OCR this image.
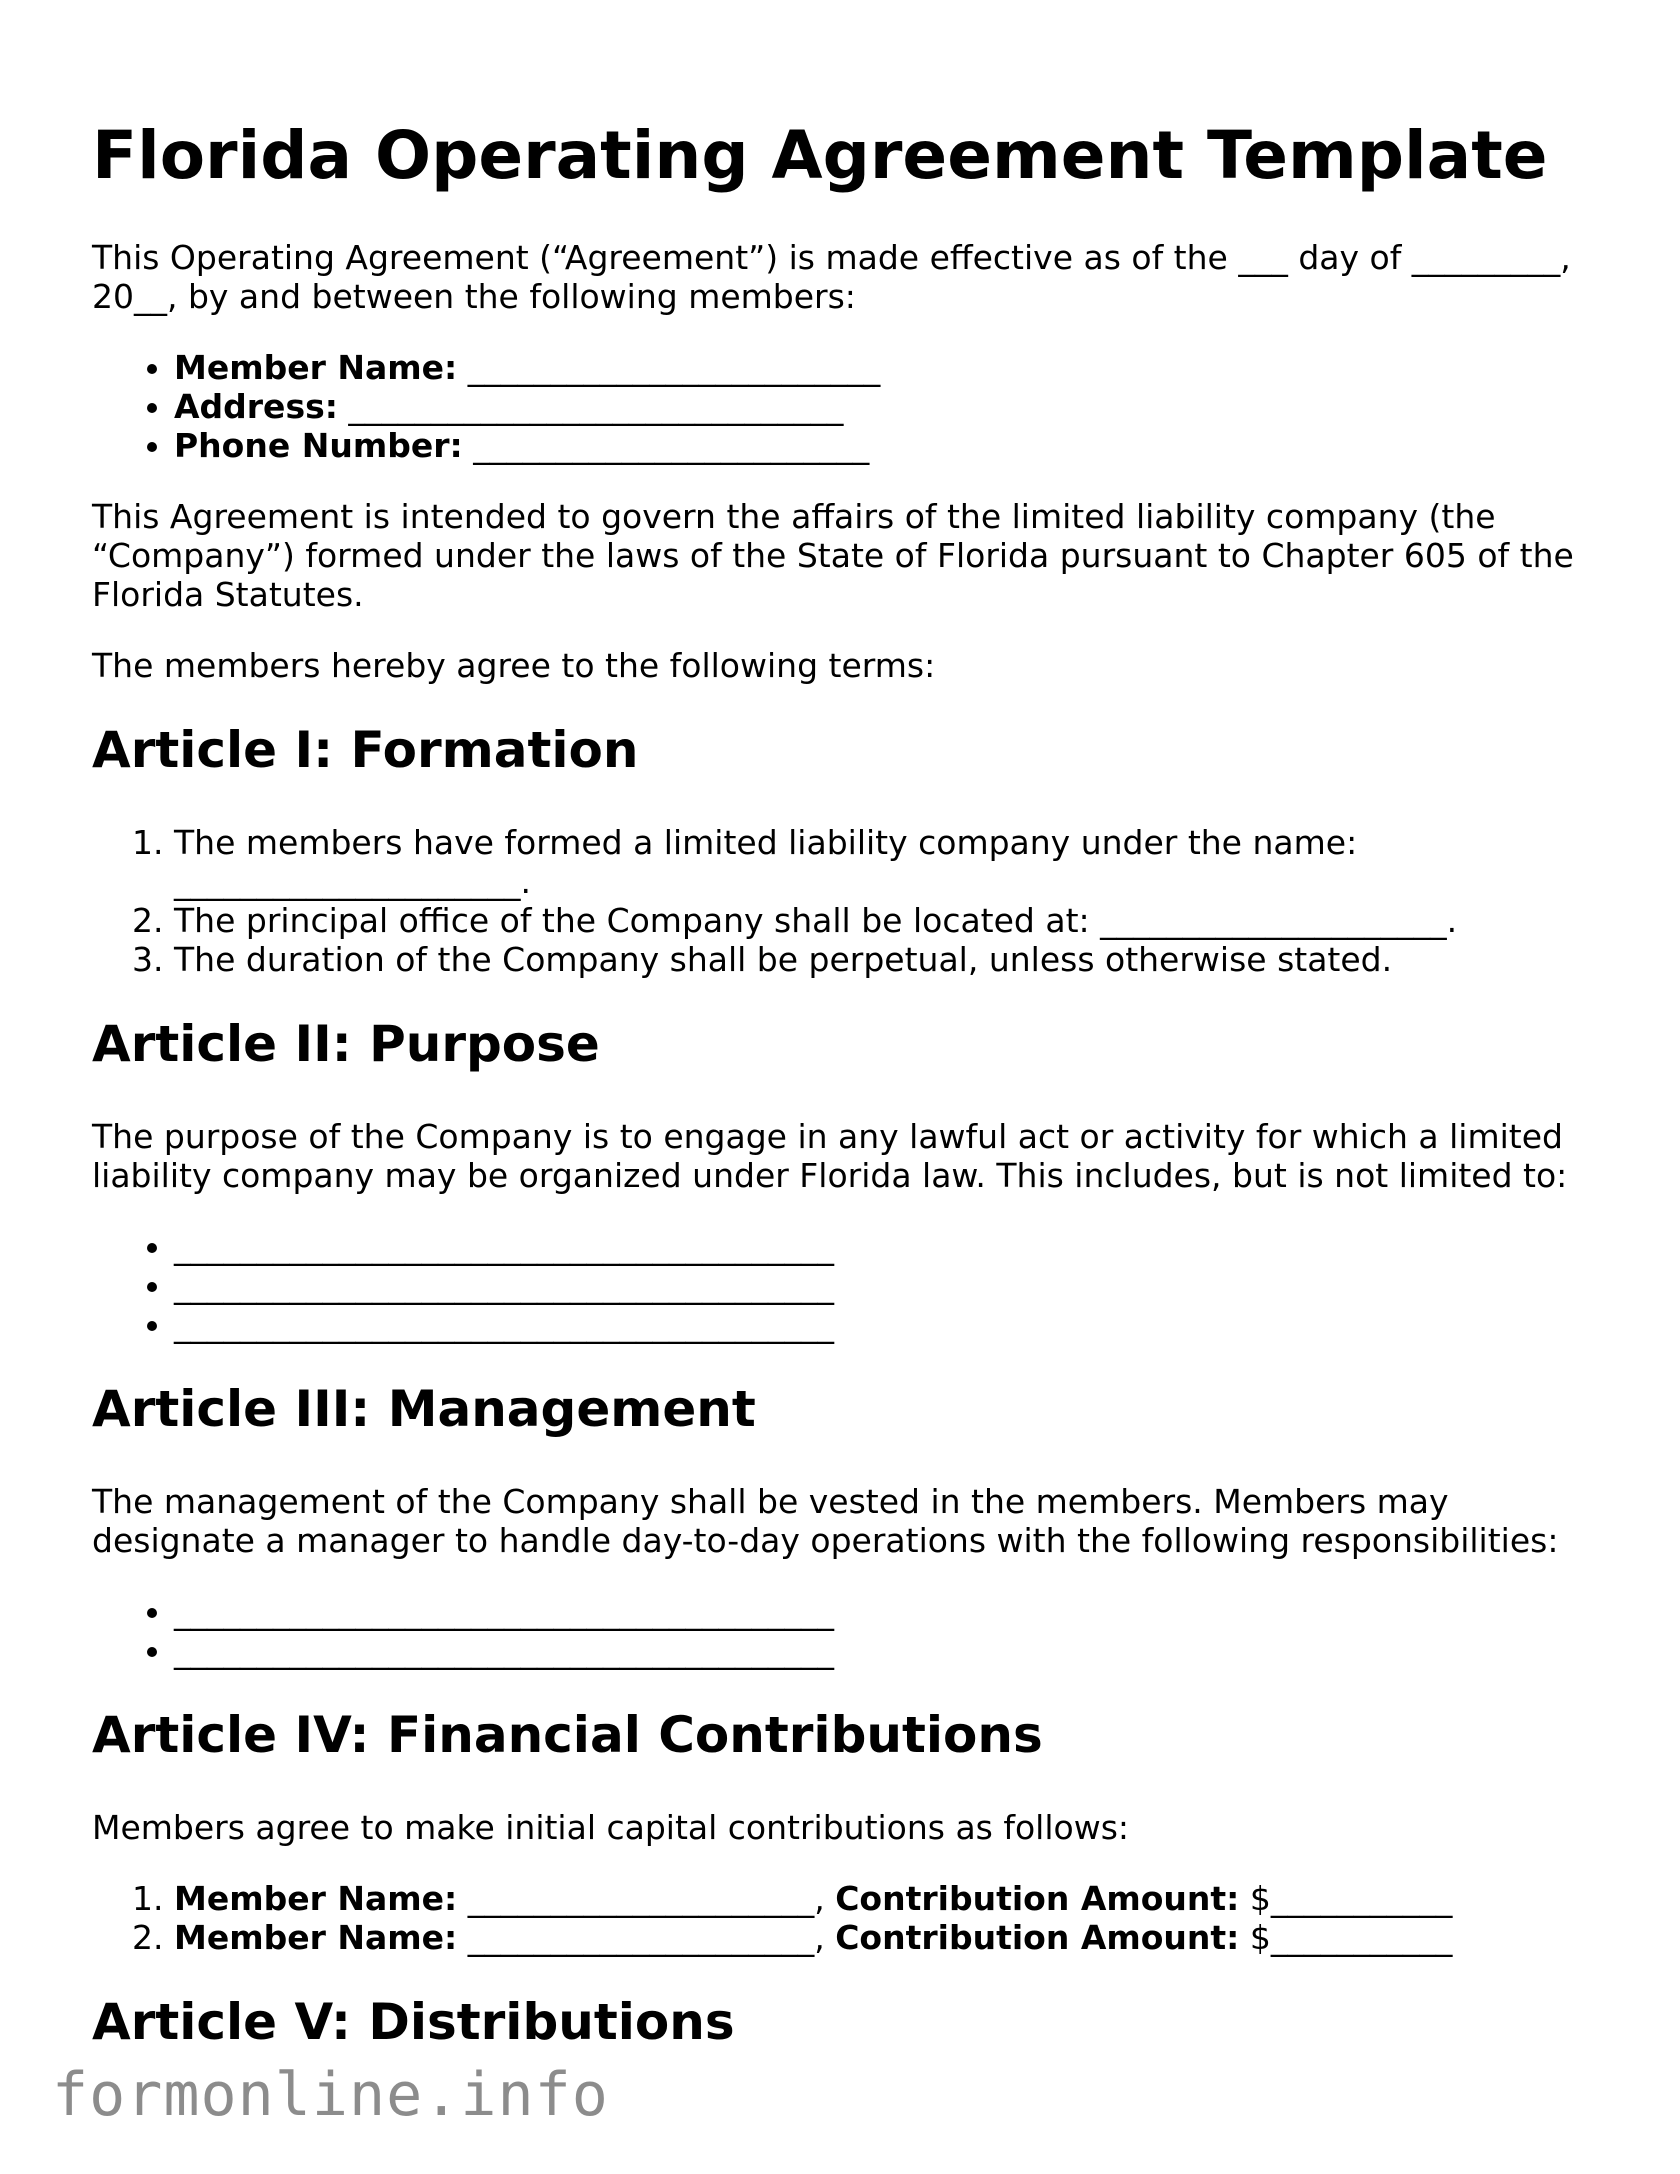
Florida Operating Agreement Template

This Operating Agreement (“Agreement”) is made effective as of the ___ day of _________, 20__, by and between the following members:

• Member Name: _________________________
• Address: ______________________________
• Phone Number: ________________________

This Agreement is intended to govern the affairs of the limited liability company (the “Company”) formed under the laws of the State of Florida pursuant to Chapter 605 of the Florida Statutes.

The members hereby agree to the following terms:

Article I: Formation
1. The members have formed a limited liability company under the name: _____________________.
2. The principal office of the Company shall be located at: _____________________.
3. The duration of the Company shall be perpetual, unless otherwise stated.
Article II: Purpose

The purpose of the Company is to engage in any lawful act or activity for which a limited liability company may be organized under Florida law. This includes, but is not limited to:

• ________________________________________
• ________________________________________
• ________________________________________
Article III: Management

The management of the Company shall be vested in the members. Members may designate a manager to handle day-to-day operations with the following responsibilities:

• ________________________________________
• ________________________________________
Article IV: Financial Contributions

Members agree to make initial capital contributions as follows:

1. Member Name: _____________________, Contribution Amount: $___________
2. Member Name: _____________________, Contribution Amount: $___________
Article V: Distributions
formonline.info
